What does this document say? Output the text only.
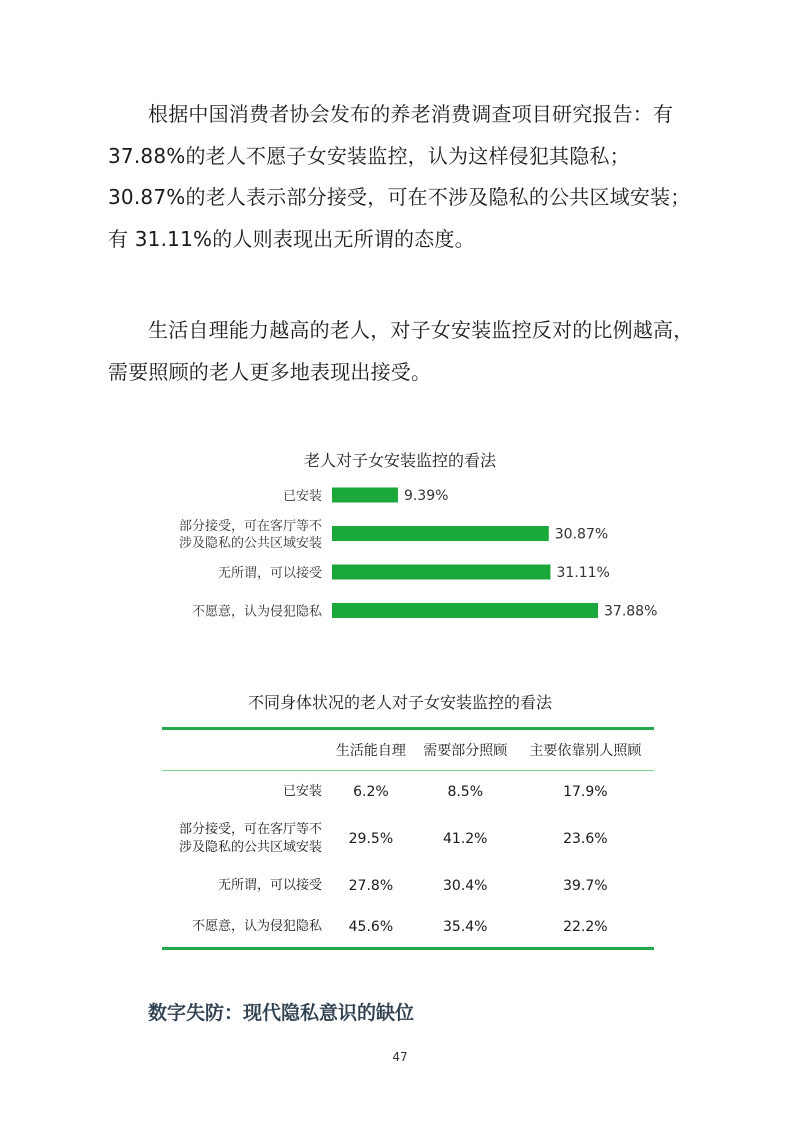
根据中国消费者协会发布的养老消费调查项目研究报告：有37.88%的老人不愿子女安装监控，认为这样侵犯其隐私；30.87%的老人表示部分接受，可在不涉及隐私的公共区域安装；有 31.11%的人则表现出无所谓的态度。

生活自理能力越高的老人，对子女安装监控反对的比例越高，需要照顾的老人更多地表现出接受。

老人对子女安装监控的看法
9.39%
已安装
30.87%
部分接受，可在客厅等不
涉及隐私的公共区域安装
31.11%
无所谓，可以接受
37.88%
不愿意，认为侵犯隐私
不同身体状况的老人对子女安装监控的看法
	生活能自理	需要部分照顾	主要依靠别人照顾
已安装	6.2%	8.5%	17.9%
部分接受，可在客厅等不
涉及隐私的公共区域安装	29.5%	41.2%	23.6%
无所谓，可以接受	27.8%	30.4%	39.7%
不愿意，认为侵犯隐私	45.6%	35.4%	22.2%
数字失防：现代隐私意识的缺位
47
